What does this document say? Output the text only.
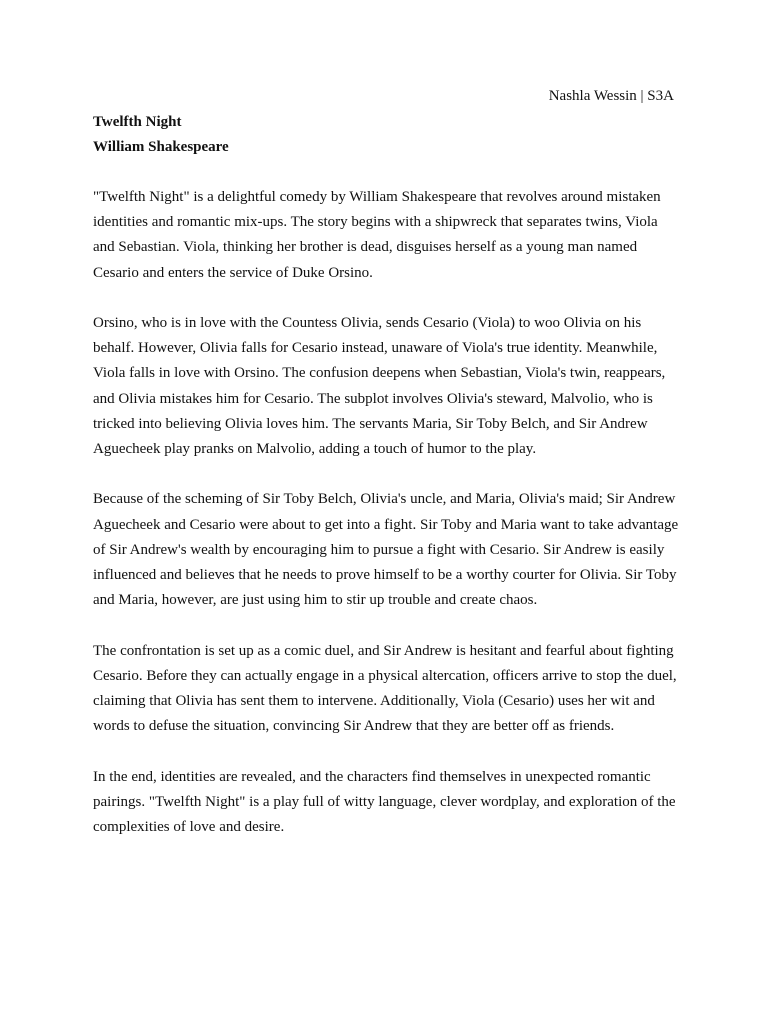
Nashla Wessin | S3A

Twelfth Night

William Shakespeare

"Twelfth Night" is a delightful comedy by William Shakespeare that revolves around mistaken identities and romantic mix-ups. The story begins with a shipwreck that separates twins, Viola and Sebastian. Viola, thinking her brother is dead, disguises herself as a young man named Cesario and enters the service of Duke Orsino.

Orsino, who is in love with the Countess Olivia, sends Cesario (Viola) to woo Olivia on his behalf. However, Olivia falls for Cesario instead, unaware of Viola's true identity. Meanwhile, Viola falls in love with Orsino. The confusion deepens when Sebastian, Viola's twin, reappears, and Olivia mistakes him for Cesario. The subplot involves Olivia's steward, Malvolio, who is tricked into believing Olivia loves him. The servants Maria, Sir Toby Belch, and Sir Andrew Aguecheek play pranks on Malvolio, adding a touch of humor to the play.

Because of the scheming of Sir Toby Belch, Olivia's uncle, and Maria, Olivia's maid; Sir Andrew Aguecheek and Cesario were about to get into a fight. Sir Toby and Maria want to take advantage of Sir Andrew's wealth by encouraging him to pursue a fight with Cesario. Sir Andrew is easily influenced and believes that he needs to prove himself to be a worthy courter for Olivia. Sir Toby and Maria, however, are just using him to stir up trouble and create chaos.

The confrontation is set up as a comic duel, and Sir Andrew is hesitant and fearful about fighting Cesario. Before they can actually engage in a physical altercation, officers arrive to stop the duel, claiming that Olivia has sent them to intervene. Additionally, Viola (Cesario) uses her wit and words to defuse the situation, convincing Sir Andrew that they are better off as friends.

In the end, identities are revealed, and the characters find themselves in unexpected romantic pairings. "Twelfth Night" is a play full of witty language, clever wordplay, and exploration of the complexities of love and desire.
